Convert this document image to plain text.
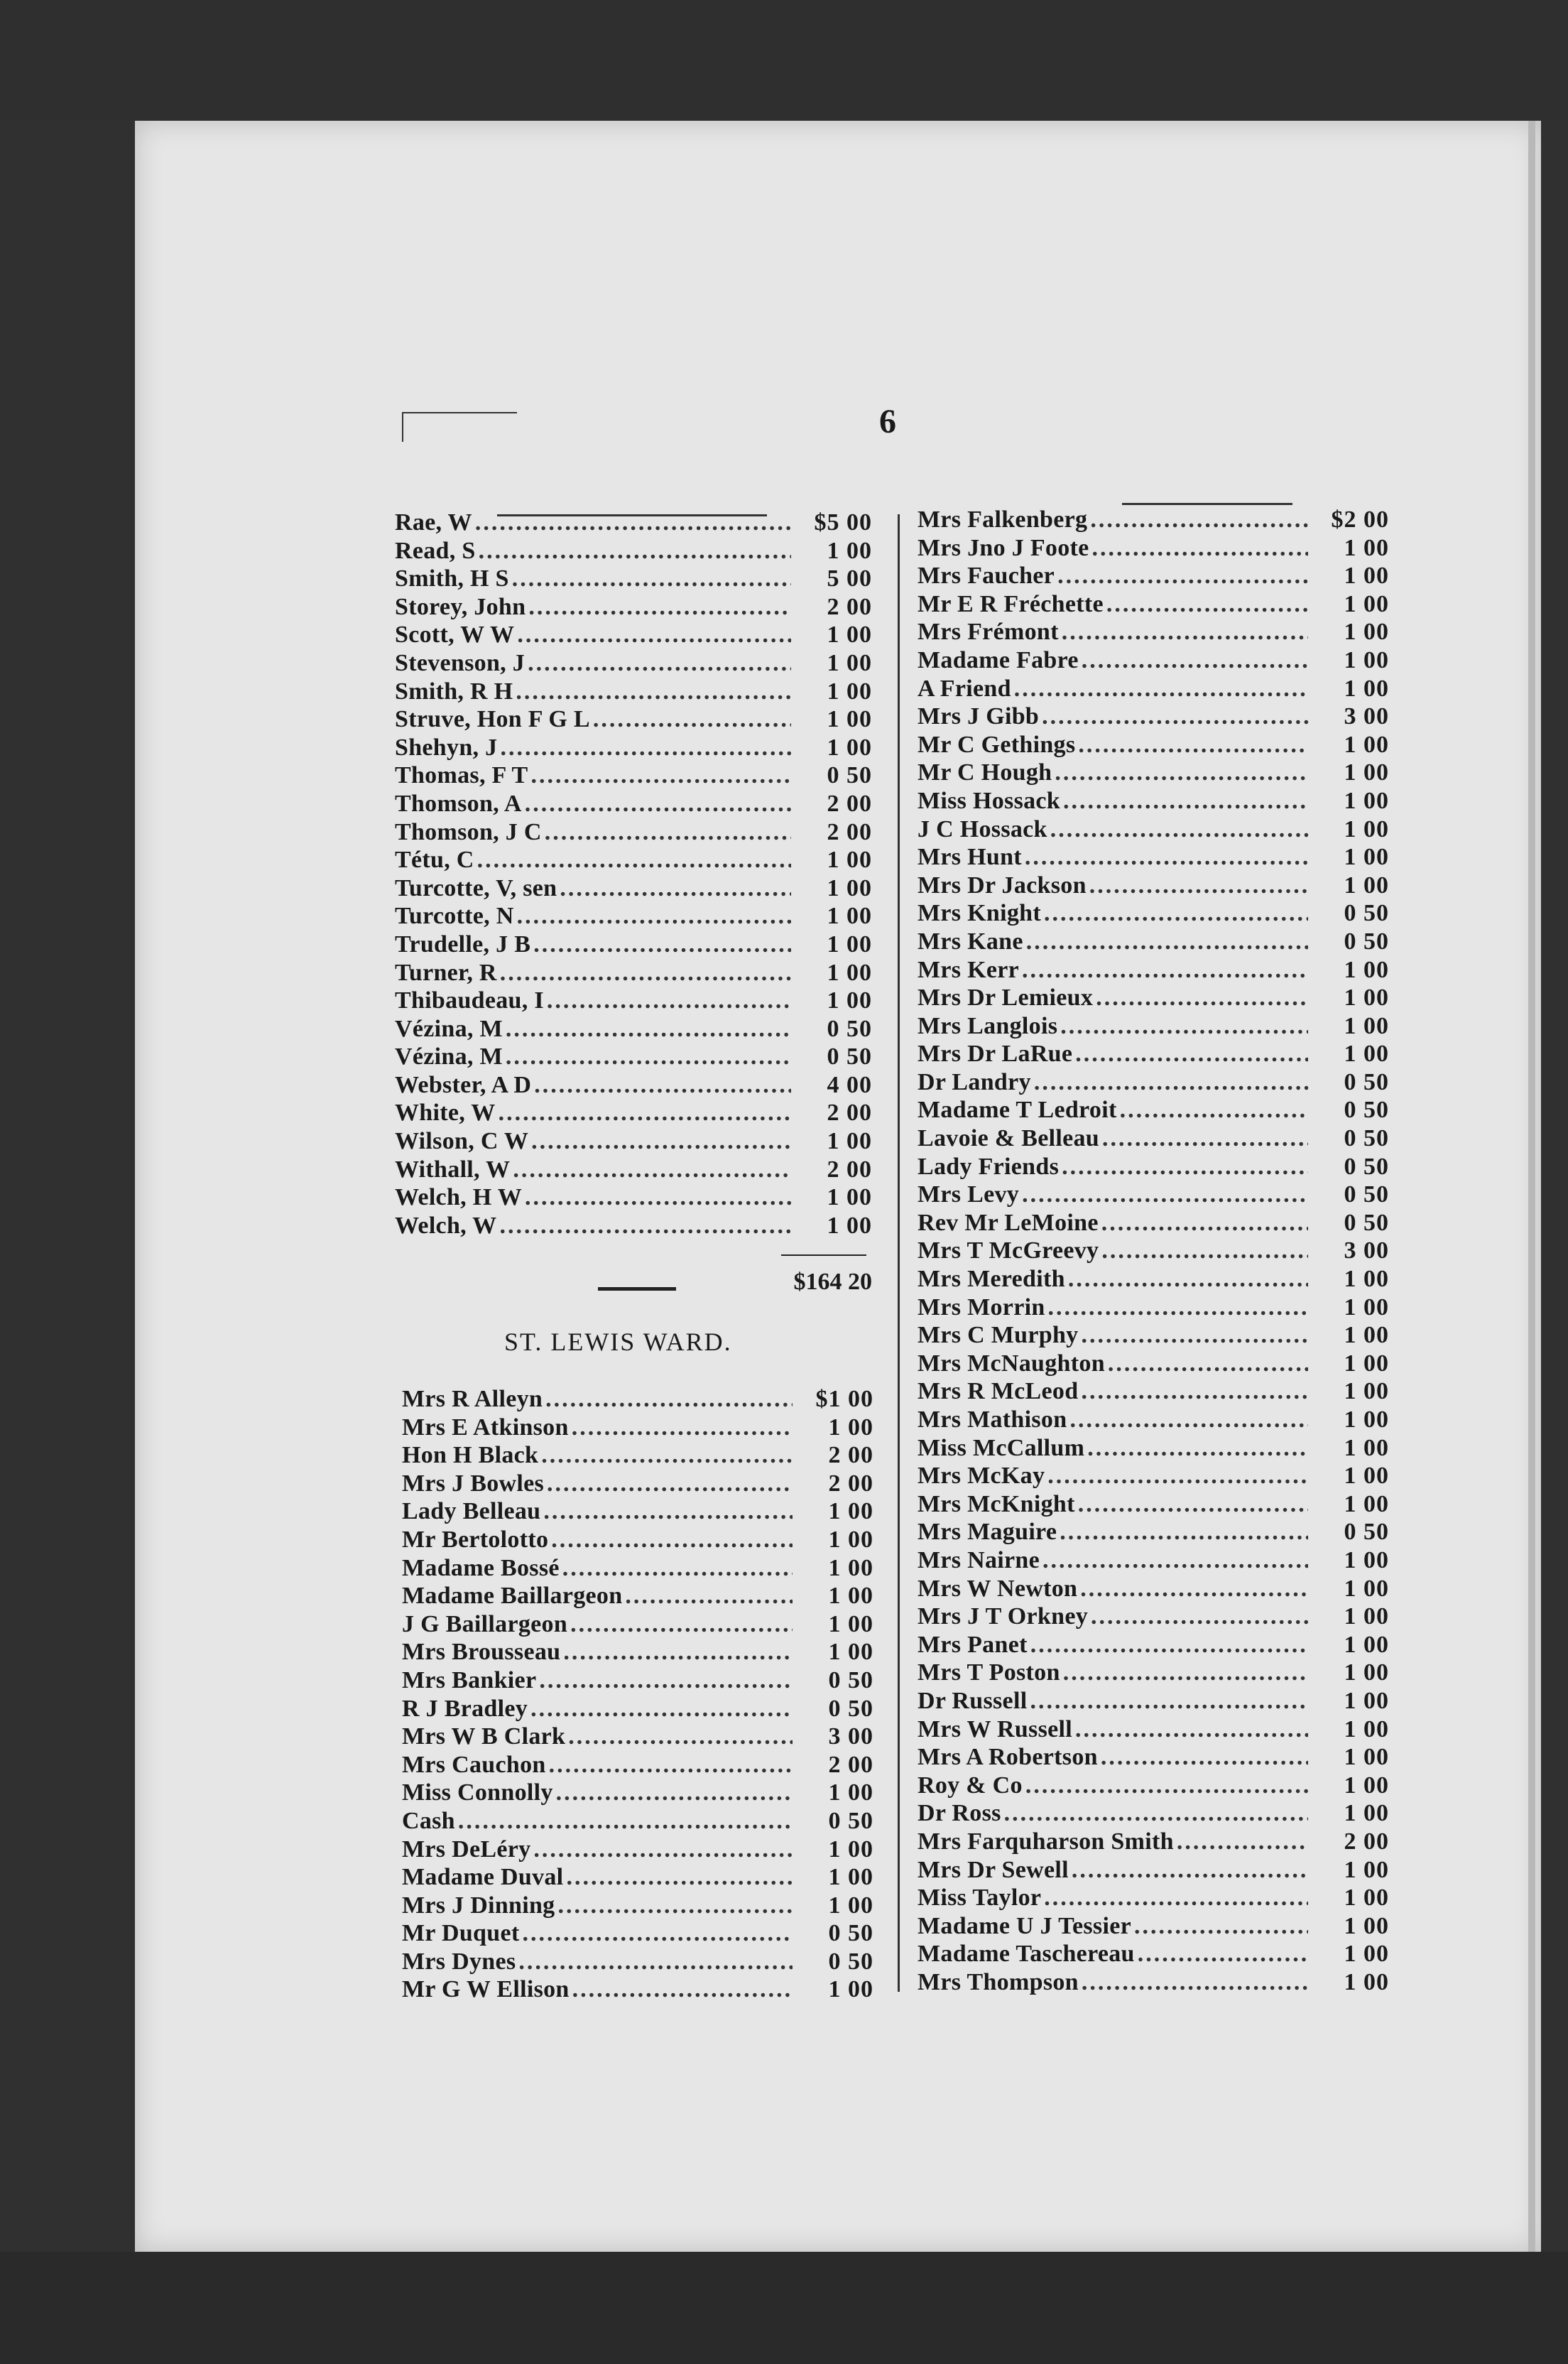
6
Rae, W .....	$5 00
Read, S .....	1 00
Smith, H S .....	5 00
Storey, John .....	2 00
Scott, W W .....	1 00
Stevenson, J .....	1 00
Smith, R H .....	1 00
Struve, Hon F G L .....	1 00
Shehyn, J .....	1 00
Thomas, F T .....	0 50
Thomson, A .....	2 00
Thomson, J C .....	2 00
Tétu, C .....	1 00
Turcotte, V, sen .....	1 00
Turcotte, N .....	1 00
Trudelle, J B .....	1 00
Turner, R .....	1 00
Thibaudeau, I .....	1 00
Vézina, M .....	0 50
Vézina, M .....	0 50
Webster, A D .....	4 00
White, W .....	2 00
Wilson, C W .....	1 00
Withall, W .....	2 00
Welch, H W .....	1 00
Welch, W .....	1 00
$164 20
ST. LEWIS WARD.
Mrs R Alleyn .....	$1 00
Mrs E Atkinson .....	1 00
Hon H Black .....	2 00
Mrs J Bowles .....	2 00
Lady Belleau .....	1 00
Mr Bertolotto .....	1 00
Madame Bossé .....	1 00
Madame Baillargeon .....	1 00
J G Baillargeon .....	1 00
Mrs Brousseau .....	1 00
Mrs Bankier .....	0 50
R J Bradley .....	0 50
Mrs W B Clark .....	3 00
Mrs Cauchon .....	2 00
Miss Connolly .....	1 00
Cash .....	0 50
Mrs DeLéry .....	1 00
Madame Duval .....	1 00
Mrs J Dinning .....	1 00
Mr Duquet .....	0 50
Mrs Dynes .....	0 50
Mr G W Ellison .....	1 00
Mrs Falkenberg .....	$2 00
Mrs Jno J Foote .....	1 00
Mrs Faucher .....	1 00
Mr E R Fréchette .....	1 00
Mrs Frémont .....	1 00
Madame Fabre .....	1 00
A Friend .....	1 00
Mrs J Gibb .....	3 00
Mr C Gethings .....	1 00
Mr C Hough .....	1 00
Miss Hossack .....	1 00
J C Hossack .....	1 00
Mrs Hunt .....	1 00
Mrs Dr Jackson .....	1 00
Mrs Knight .....	0 50
Mrs Kane .....	0 50
Mrs Kerr .....	1 00
Mrs Dr Lemieux .....	1 00
Mrs Langlois .....	1 00
Mrs Dr LaRue .....	1 00
Dr Landry .....	0 50
Madame T Ledroit .....	0 50
Lavoie & Belleau .....	0 50
Lady Friends .....	0 50
Mrs Levy .....	0 50
Rev Mr LeMoine .....	0 50
Mrs T McGreevy .....	3 00
Mrs Meredith .....	1 00
Mrs Morrin .....	1 00
Mrs C Murphy .....	1 00
Mrs McNaughton .....	1 00
Mrs R McLeod .....	1 00
Mrs Mathison .....	1 00
Miss McCallum .....	1 00
Mrs McKay .....	1 00
Mrs McKnight .....	1 00
Mrs Maguire .....	0 50
Mrs Nairne .....	1 00
Mrs W Newton .....	1 00
Mrs J T Orkney .....	1 00
Mrs Panet .....	1 00
Mrs T Poston .....	1 00
Dr Russell .....	1 00
Mrs W Russell .....	1 00
Mrs A Robertson .....	1 00
Roy & Co .....	1 00
Dr Ross .....	1 00
Mrs Farquharson Smith .....	2 00
Mrs Dr Sewell .....	1 00
Miss Taylor .....	1 00
Madame U J Tessier .....	1 00
Madame Taschereau .....	1 00
Mrs Thompson .....	1 00
